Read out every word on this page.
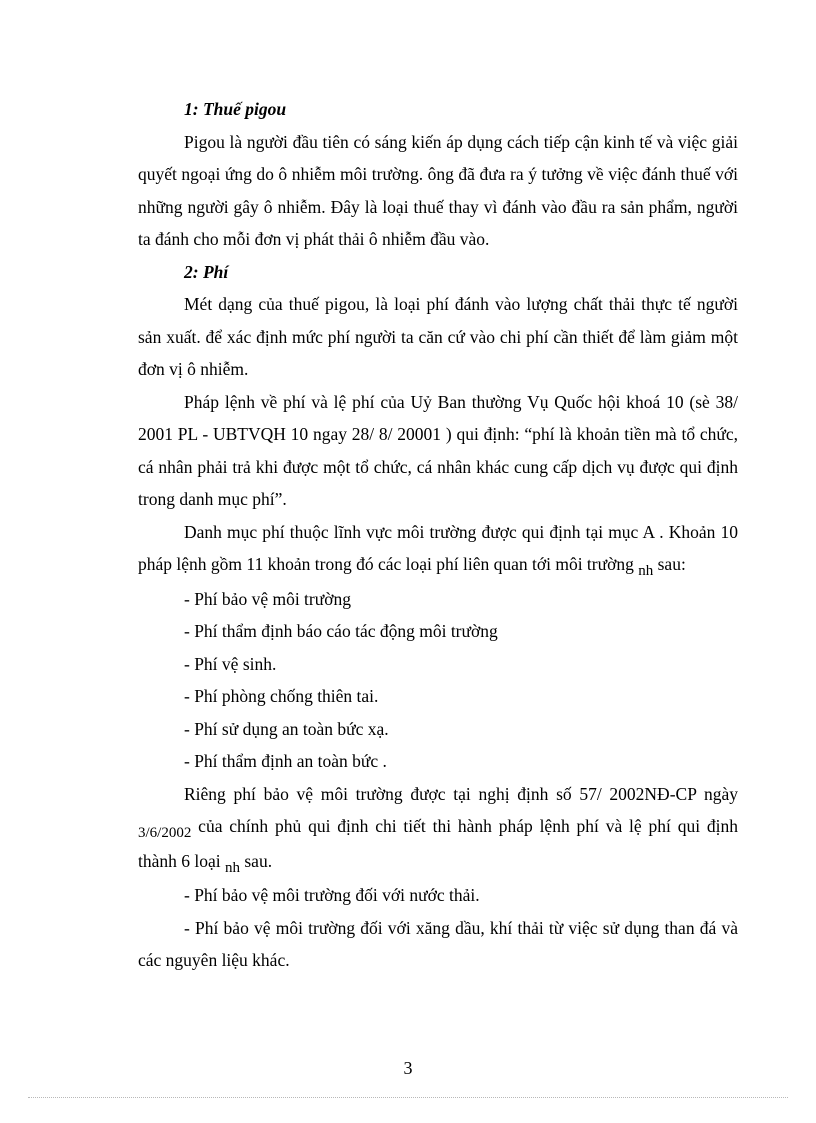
1: Thuế pigou

Pigou là người đầu tiên có sáng kiến áp dụng cách tiếp cận kinh tế và việc giải quyết ngoại ứng do ô nhiễm môi trường. ông đã đưa ra ý tưởng về việc đánh thuế với những người gây ô nhiễm. Đây là loại thuế thay vì đánh vào đầu ra sản phẩm, người ta đánh cho mỗi đơn vị phát thải ô nhiễm đầu vào.

2: Phí

Mét dạng của thuế pigou, là loại phí đánh vào lượng chất thải thực tế người sản xuất. để xác định mức phí người ta căn cứ vào chi phí cần thiết để làm giảm một đơn vị ô nhiễm.

Pháp lệnh về phí và lệ phí của Uỷ Ban thường Vụ Quốc hội khoá 10 (sè 38/ 2001 PL - UBTVQH 10 ngay 28/ 8/ 20001 ) qui định: “phí là khoản tiền mà tổ chức, cá nhân phải trả khi được một tổ chức, cá nhân khác cung cấp dịch vụ được qui định trong danh mục phí”.

Danh mục phí thuộc lĩnh vực môi trường được qui định tại mục A . Khoản 10 pháp lệnh gồm 11 khoản trong đó các loại phí liên quan tới môi trường nh sau:

- Phí bảo vệ môi trường

- Phí thẩm định báo cáo tác động môi trường

- Phí vệ sinh.

- Phí phòng chống thiên tai.

- Phí sử dụng an toàn bức xạ.

- Phí thẩm định an toàn bức .

Riêng phí bảo vệ môi trường được tại nghị định số 57/ 2002NĐ-CP ngày 3/6/2002 của chính phủ qui định chi tiết thi hành pháp lệnh phí và lệ phí qui định thành 6 loại nh sau.

- Phí bảo vệ môi trường đối với nước thải.

- Phí bảo vệ môi trường đối với xăng dầu, khí thải từ việc sử dụng than đá và các nguyên liệu khác.

3
